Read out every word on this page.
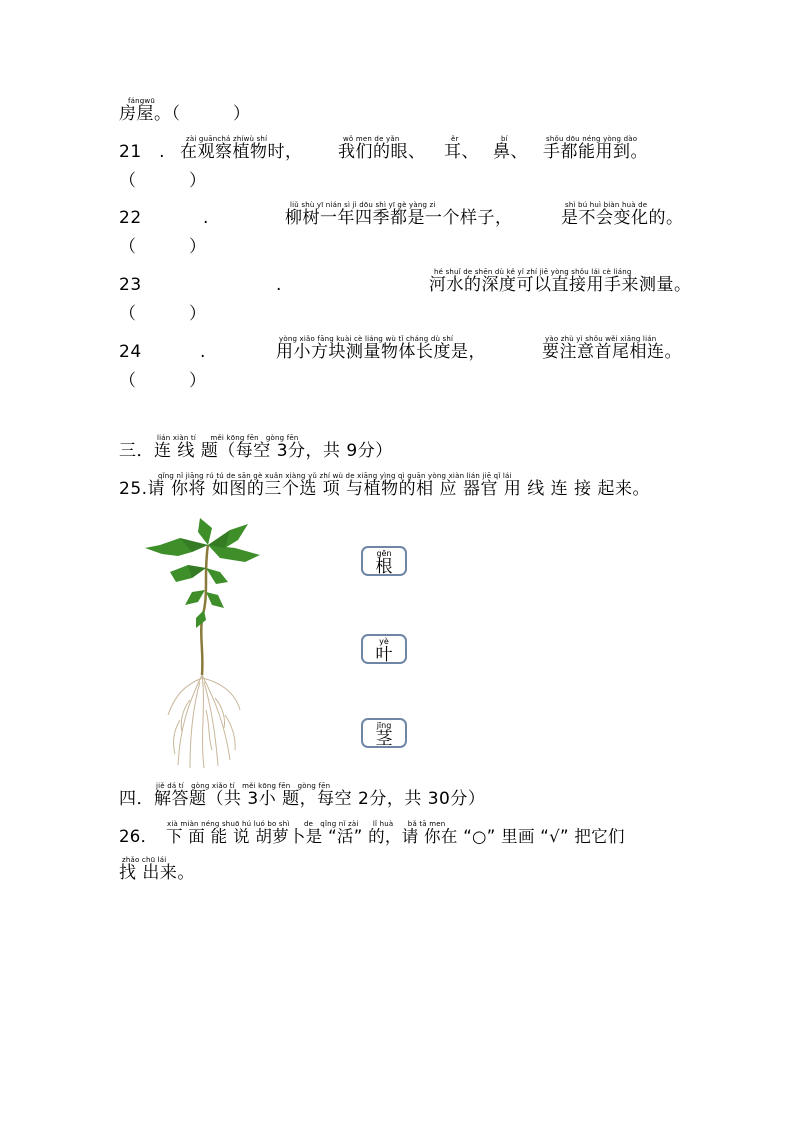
fángwū
房屋。（　　　）
21　.
zài guānchá zhíwù shí
在观察植物时，
wǒ men de yǎn
我们的眼、
ěr
耳、
bí
鼻、
shǒu dōu néng yòng dào
手都能用到。
（　　　）
22	.
liǔ shù yī nián sì jì dōu shì yī gè yàng zi
柳树一年四季都是一个样子，
shì bú huì biàn huà de
是不会变化的。
（　　　）
23	.
hé shuǐ de shēn dù kě yǐ zhí jiē yòng shǒu lái cè liáng
河水的深度可以直接用手来测量。
（　　　）
24	.
yòng xiǎo fāng kuài cè liáng wù tǐ cháng dù shí
用小方块测量物体长度是，
yào zhù yì shǒu wěi xiāng lián
要注意首尾相连。
（　　　）
lián xiàn tí　　měi kōng fēn　gòng fēn
三．连 线 题（每空 3分，共 9分）
qǐng nǐ jiāng rú tú de sān gè xuǎn xiàng yǔ zhí wù de xiāng yìng qì guān yòng xiàn lián jiē qǐ lái
25.请 你将 如图的三个选 项 与植物的相 应 器官 用 线 连 接 起来。
gēn
根
yè
叶
jīng
茎
jiě dá tí　gòng xiǎo tí　měi kōng fēn　gòng fēn
四．解答题（共 3小 题，每空 2分，共 30分）
xià miàn néng shuō hú luó bo shì　　de　qǐng nǐ zài　　lǐ huà　　bǎ tā men
26．　下 面 能 说 胡萝卜是 “活” 的，请 你在 “○” 里画 “√” 把它们
zhǎo chū lái
找 出来。
